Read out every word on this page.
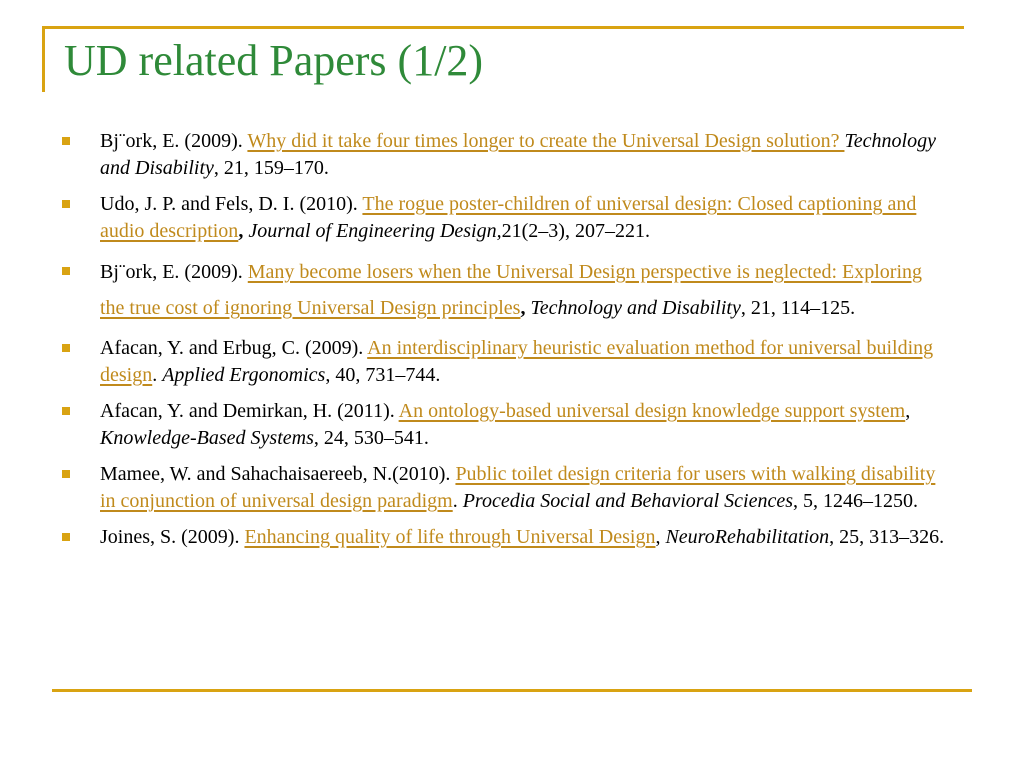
UD related Papers (1/2)
Bj¨ork, E. (2009). Why did it take four times longer to create the Universal Design solution? Technology and Disability, 21, 159–170.
Udo, J. P. and Fels, D. I. (2010). The rogue poster-children of universal design: Closed captioning and audio description, Journal of Engineering Design,21(2–3), 207–221.
Bj¨ork, E. (2009). Many become losers when the Universal Design perspective is neglected: Exploring the true cost of ignoring Universal Design principles, Technology and Disability, 21, 114–125.
Afacan, Y. and Erbug, C. (2009). An interdisciplinary heuristic evaluation method for universal building design. Applied Ergonomics, 40, 731–744.
Afacan, Y. and Demirkan, H. (2011). An ontology-based universal design knowledge support system, Knowledge-Based Systems, 24, 530–541.
Mamee, W. and Sahachaisaereeb, N.(2010). Public toilet design criteria for users with walking disability in conjunction of universal design paradigm. Procedia Social and Behavioral Sciences, 5, 1246–1250.
Joines, S. (2009). Enhancing quality of life through Universal Design, NeuroRehabilitation, 25, 313–326.
